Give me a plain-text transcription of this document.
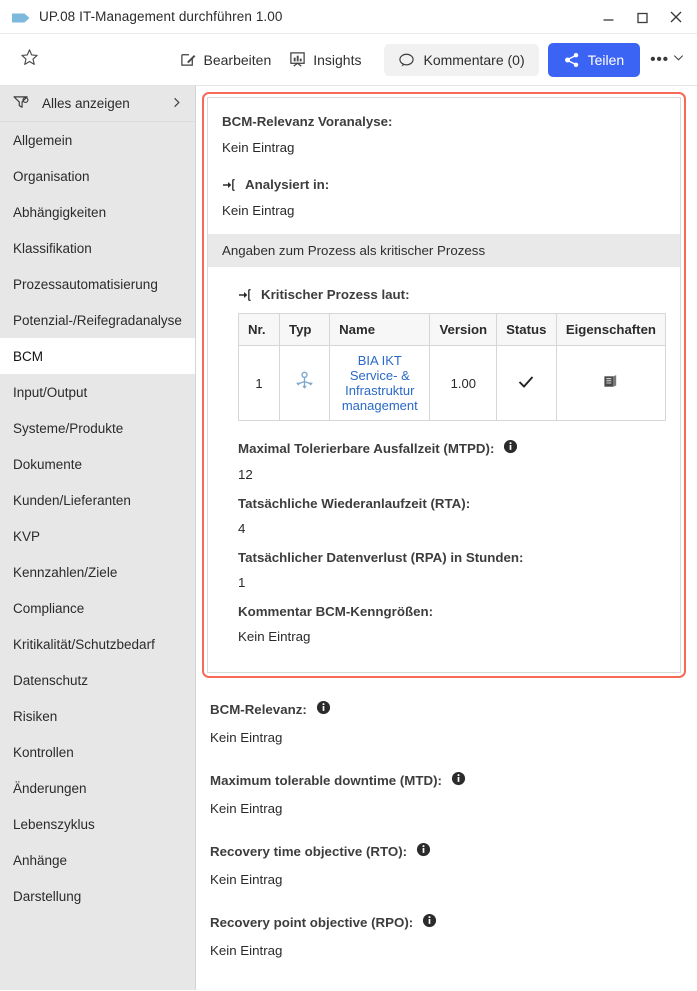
UP.08 IT-Management durchführen 1.00
Bearbeiten	Insights	Kommentare (0)	Teilen •••
Alles anzeigen
Allgemein
Organisation
Abhängigkeiten
Klassifikation
Prozessautomatisierung
Potenzial-/Reifegradanalyse
BCM
Input/Output
Systeme/Produkte
Dokumente
Kunden/Lieferanten
KVP
Kennzahlen/Ziele
Compliance
Kritikalität/Schutzbedarf
Datenschutz
Risiken
Kontrollen
Änderungen
Lebenszyklus
Anhänge
Darstellung
BCM-Relevanz Voranalyse:
Kein Eintrag
Analysiert in:
Kein Eintrag
Angaben zum Prozess als kritischer Prozess
Kritischer Prozess laut:
Nr.	Typ	Name	Version	Status	Eigenschaften
1		BIA IKT Service- & Infrastruktur management	1.00		
Maximal Tolerierbare Ausfallzeit (MTPD):
12
Tatsächliche Wiederanlaufzeit (RTA):
4
Tatsächlicher Datenverlust (RPA) in Stunden:
1
Kommentar BCM-Kenngrößen:
Kein Eintrag
BCM-Relevanz:
Kein Eintrag
Maximum tolerable downtime (MTD):
Kein Eintrag
Recovery time objective (RTO):
Kein Eintrag
Recovery point objective (RPO):
Kein Eintrag
